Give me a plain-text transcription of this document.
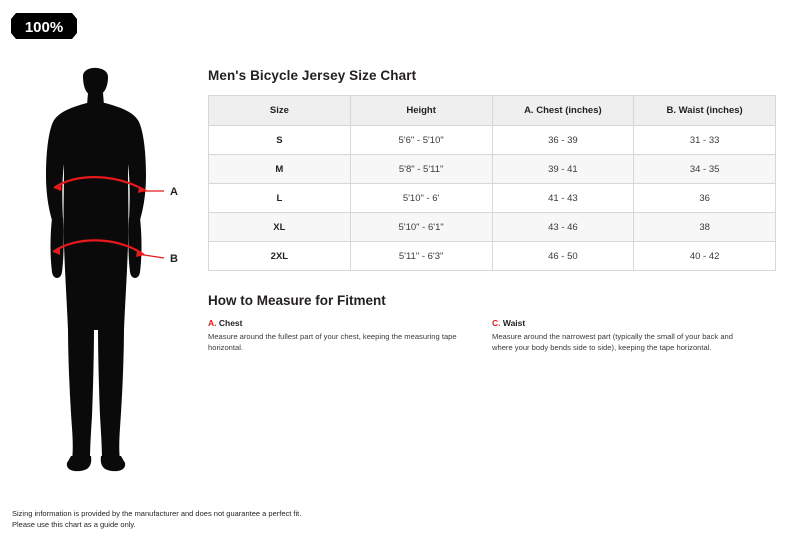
100%
A
B
Men's Bicycle Jersey Size Chart
Size	Height	A. Chest (inches)	B. Waist (inches)
S	5'6" - 5'10"	36 - 39	31 - 33
M	5'8" - 5'11"	39 - 41	34 - 35
L	5'10" - 6'	41 - 43	36
XL	5'10" - 6'1"	43 - 46	38
2XL	5'11" - 6'3"	46 - 50	40 - 42
How to Measure for Fitment
A. Chest
Measure around the fullest part of your chest, keeping the measuring tape horizontal.
C. Waist
Measure around the narrowest part (typically the small of your back and where your body bends side to side), keeping the tape horizontal.
Sizing information is provided by the manufacturer and does not guarantee a perfect fit.
Please use this chart as a guide only.
